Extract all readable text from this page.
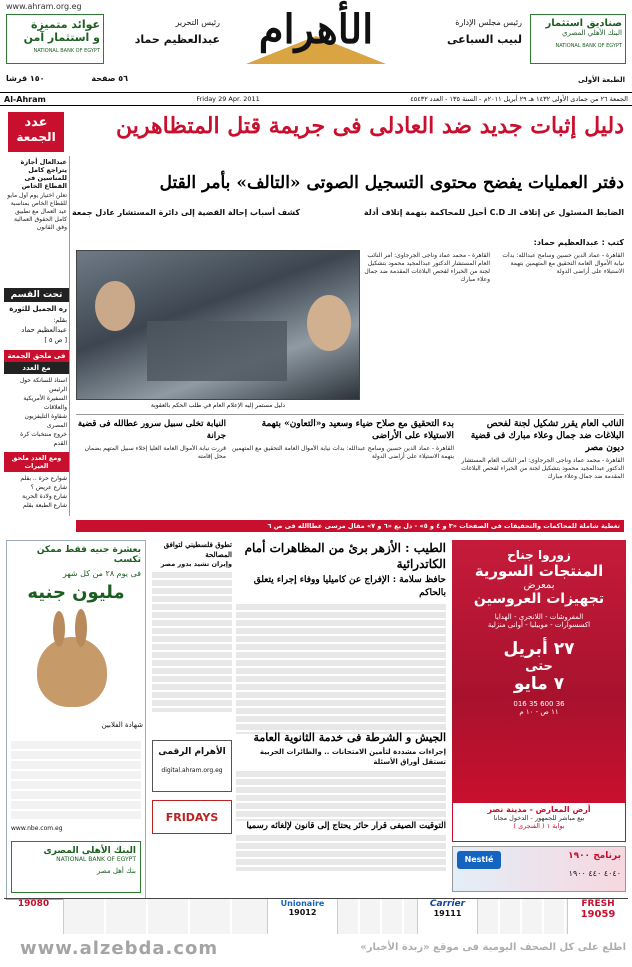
www.ahram.org.eg
عوائد متميزة
و استثمار آمن
NATIONAL BANK OF EGYPT
رئيس التحرير
عبدالعظيم حماد الأهرام	رئيس مجلس الإدارة
لبيب السباعى
صناديق استثمار
البنك الأهلي المصري
NATIONAL BANK OF EGYPT
١٥٠ قرشا	٥٦ صفحة	الطبعة الأولى
Al-Ahram	Friday 29 Apr. 2011	الجمعة ٢٦ من جمادى الأولى ١٤٣٢ هـ ٢٩ أبريل ٢٠١١م - السنة ١٣٥ - العدد ٤٥٤٣٢
عدد
الجمعة	دليل إثبات جديد ضد العادلى فى جريمة قتل المتظاهرين
دفتر العمليات يفضح محتوى التسجيل الصوتى «التالف» بأمر القتل
الضابط المسئول عن إتلاف الـ C.D أحيل للمحاكمة بتهمة إتلاف أدلة
كشف أسباب إحالة القضية إلى دائرة المستشار عادل جمعة
كتب : عبدالعظيم حماد:
عبدالعال أجازة يتراجع كامل للمناسين فى القطاع الخاص
تعلن اختيار يوم أول مايو للقطاع الخاص بمناسبة عيد العمال مع تطبيق كامل الحقوق العمالية وفق القانون
تحت القسم
ره الجميل للثورة
بقلم:
عبدالعظيم حماد
[ ص ٥ ]
فى ملحق الجمعة
مع العدد
استاذ للسانكة حول الرئيس
السفيرة الأمريكية والعلاقات
شقاوة التليفزيون المصرى
خروج منتخبات كرة القدم
ومع العدد ملحق العيرات
شوارع حرة .. بقلم
شارع عريض ؟
شارع ولادة الحرية
شارع الطبعة بقلم
دليل مستمر إليه الإعلام العام في طلب الحكم بالعقوبة
القاهرة - محمد عماد وناجى الجرجاوى: أمر النائب العام المستشار الدكتور عبدالمجيد محمود بتشكيل لجنة من الخبراء لفحص البلاغات المقدمة ضد جمال وعلاء مبارك
القاهرة - عماد الدين حسين وسامح عبدالله: بدأت نيابة الأموال العامة التحقيق مع المتهمين بتهمة الاستيلاء على أراضى الدولة
النائب العام يقرر تشكيل لجنة لفحص البلاغات ضد جمال وعلاء مبارك فى قضية ديون مصر
القاهرة - محمد عماد وناجى الجرجاوى: أمر النائب العام المستشار الدكتور عبدالمجيد محمود بتشكيل لجنة من الخبراء لفحص البلاغات المقدمة ضد جمال وعلاء مبارك
بدء التحقيق مع صلاح ضياء وسعيد و«التعاون» بتهمة الاستيلاء على الأراضى
القاهرة - عماد الدين حسين وسامح عبدالله: بدأت نيابة الأموال العامة التحقيق مع المتهمين بتهمة الاستيلاء على أراضى الدولة
النيابة تخلى سبيل سرور عطالله فى قضية جرانة
قررت نيابة الأموال العامة العليا إخلاء سبيل المتهم بضمان محل إقامته
تغطية شاملة للمحاكمات والتحقيقات فى الصفحات «٣ و ٤ و ٥» - دل يع «٦ و ٧» مقال مرسى عطاالله فى ص ٦
بعشرة جنيه فقط ممكن تكسب
فى يوم ٢٨ من كل شهر
مليون جنيه
شهادة الفلابين
www.nbe.com.eg
البنك الأهلى المصرى
NATIONAL BANK OF EGYPT
بنك أهل مصر
تطوق فلسطيني لتوافق المصالحة
وإيران تشيد بدور مصر
الطيب : الأزهر برئ من المظاهرات أمام الكاتدرائية
حافظ سلامة : الإفراج عن كاميليا ووفاء إجراء يتعلق بالحاكم
الجيش و الشرطة فى خدمة الثانوية العامة
إجراءات مشددة لتأمين الامتحانات .. والطائرات الحربية تستقل أوراق الأسئلة
الأهرام الرقمى
digital.ahram.org.eg
FRIDAYS
التوقيت الصيفى قرار حائر يحتاج إلى قانون لإلغائه رسميا
زوروا جناح
المنتجات السورية
بمعرض
تجهيزات العروسين
المفروشات - اللانجرى - الهدايا
اكسسوارات - موبيليا - أوانى منزلية
٢٧ أبريل
حتى
٧ مايو
016 35 600 36
١١ ص - ١٠ م
أرض المعارض - مدينة نصر
بيع مباشر للجمهور - الدخول مجانا
بوابة ١ ( الفنجرى )
Nestlé	برنامج ١٩٠٠
٤٠٤٠ ٤٤٠ ١٩٠٠
19080	Unionaire
19012
Carrier
19111
FRESH
19059
www.alzebda.com	اطلع على كل الصحف اليومية فى موقع «زبدة الأخبار»
